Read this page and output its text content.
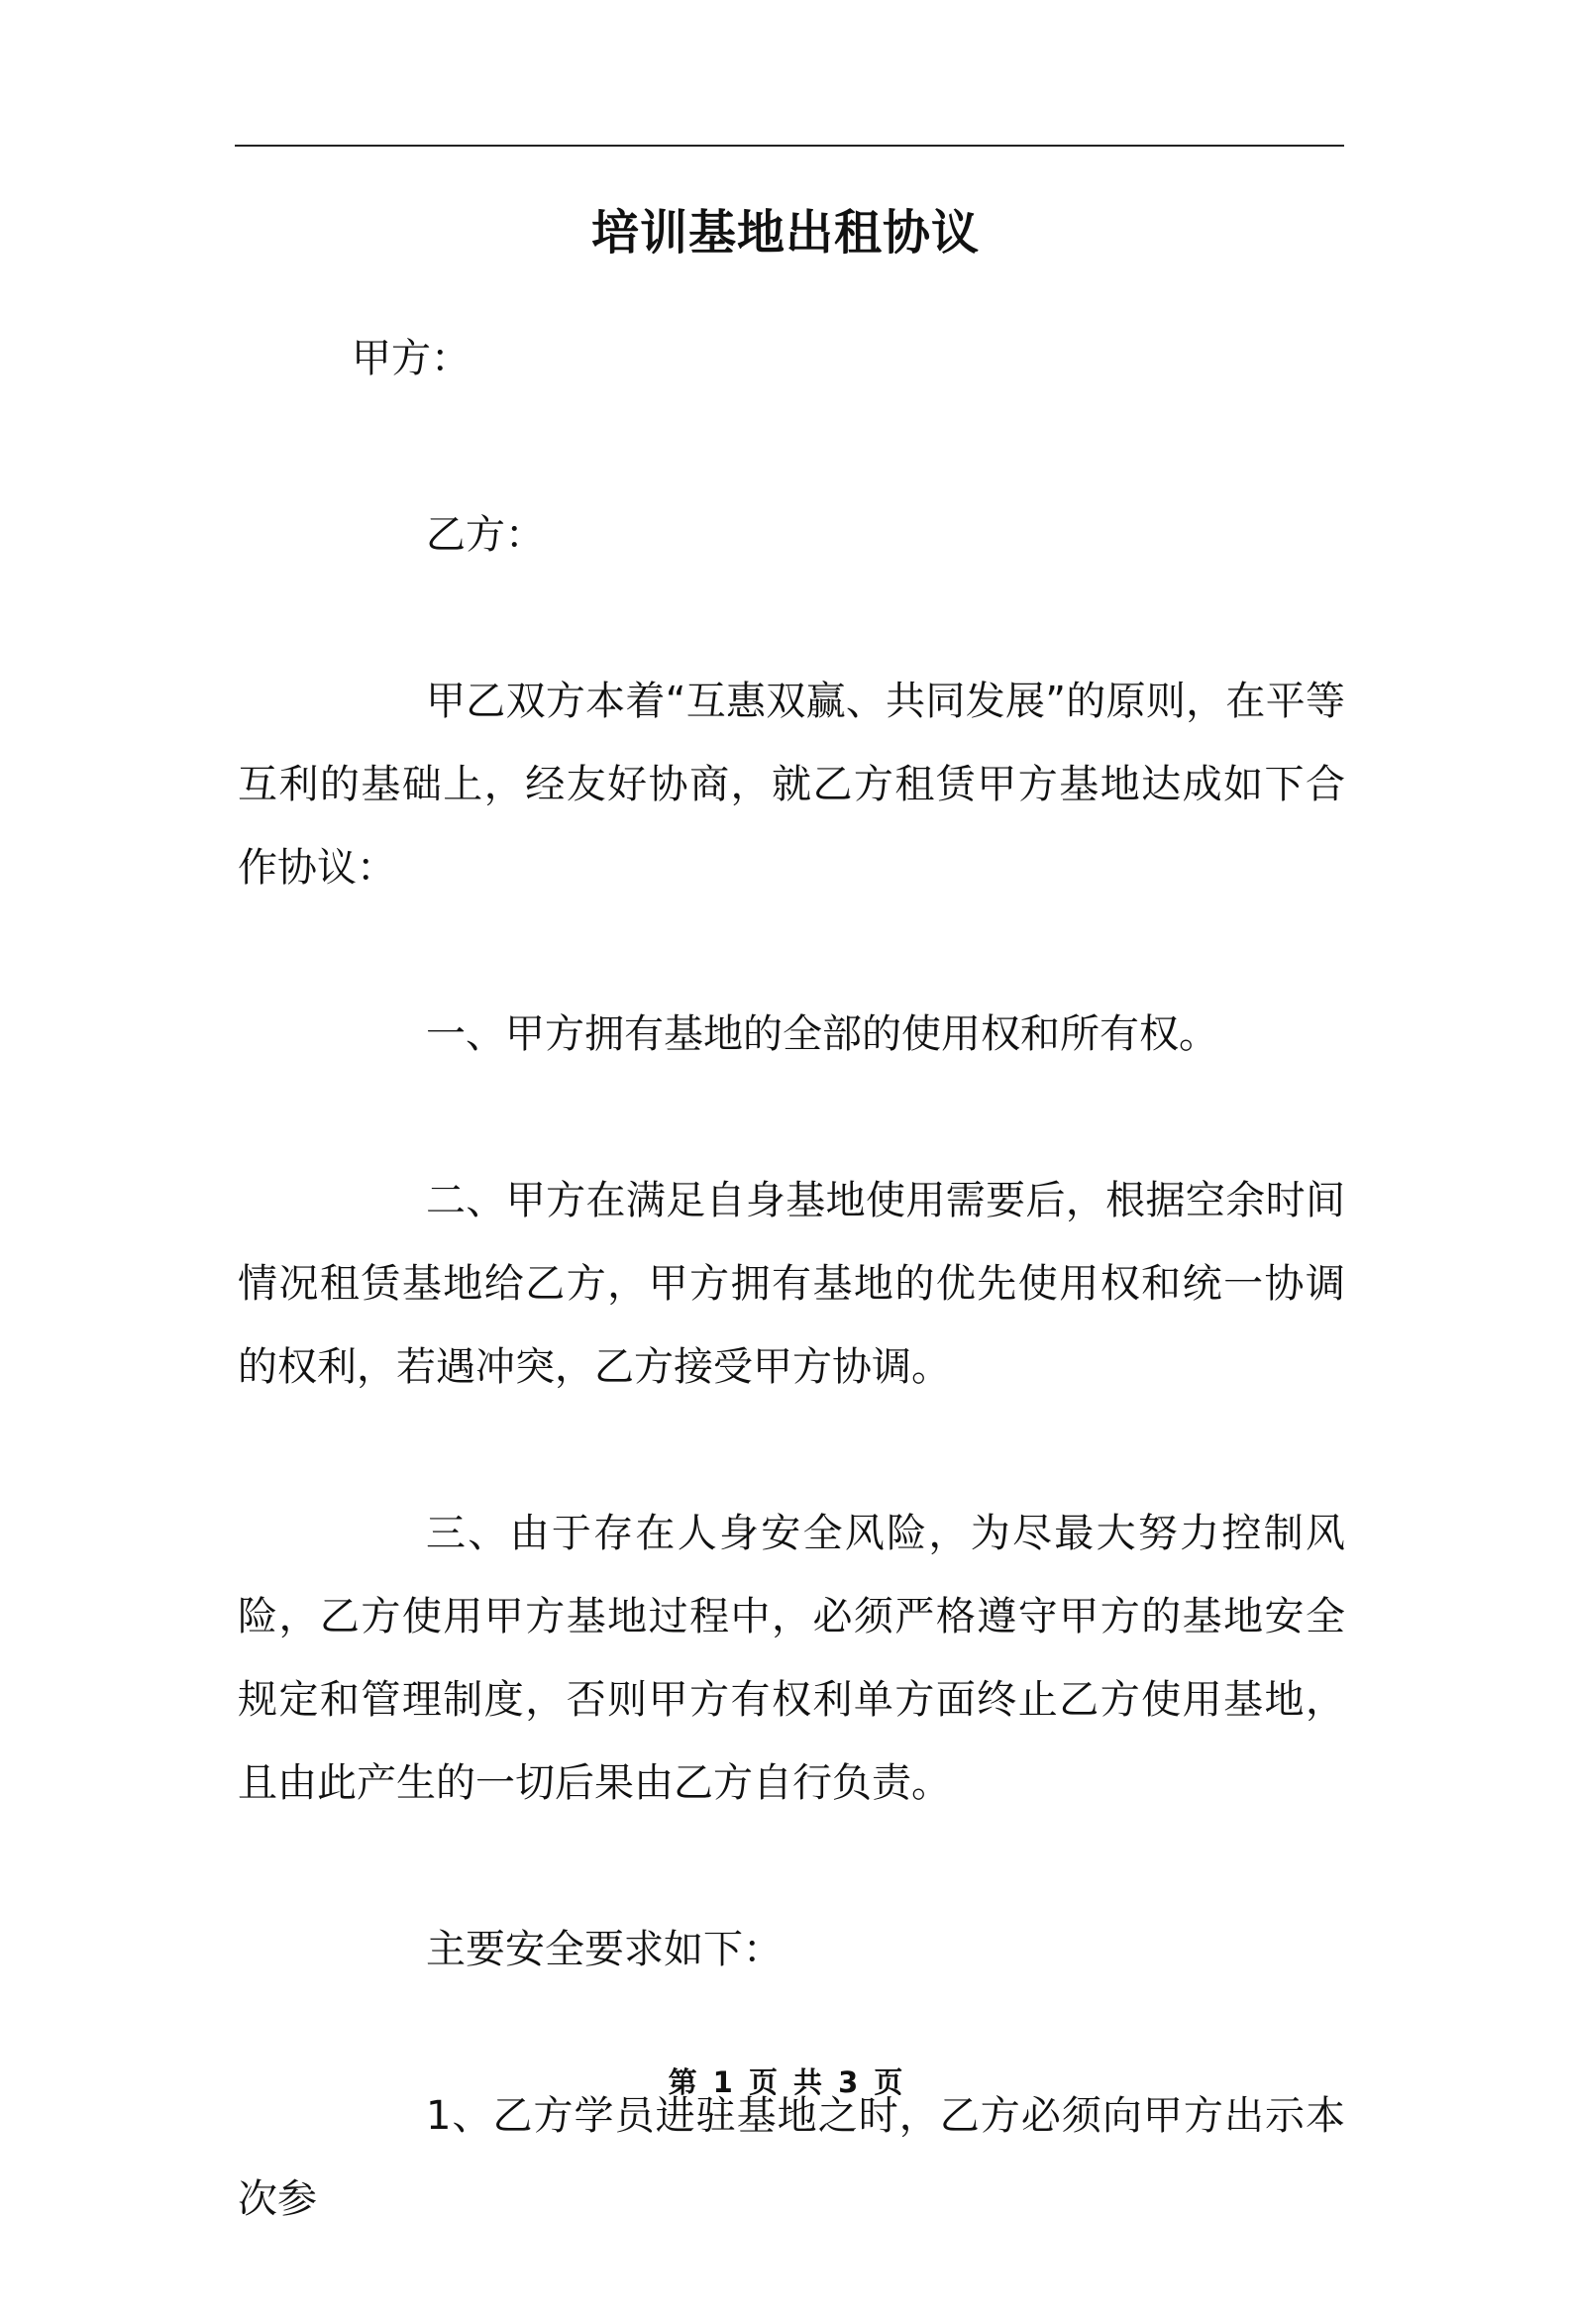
培训基地出租协议
甲方：

乙方：

甲乙双方本着“互惠双赢、共同发展”的原则，在平等互利的基础上，经友好协商，就乙方租赁甲方基地达成如下合作协议：

一、甲方拥有基地的全部的使用权和所有权。

二、甲方在满足自身基地使用需要后，根据空余时间情况租赁基地给乙方，甲方拥有基地的优先使用权和统一协调的权利，若遇冲突，乙方接受甲方协调。

三、由于存在人身安全风险，为尽最大努力控制风险，乙方使用甲方基地过程中，必须严格遵守甲方的基地安全规定和管理制度，否则甲方有权利单方面终止乙方使用基地，且由此产生的一切后果由乙方自行负责。

主要安全要求如下：

1、乙方学员进驻基地之时，乙方必须向甲方出示本次参

第 1 页 共 3 页
